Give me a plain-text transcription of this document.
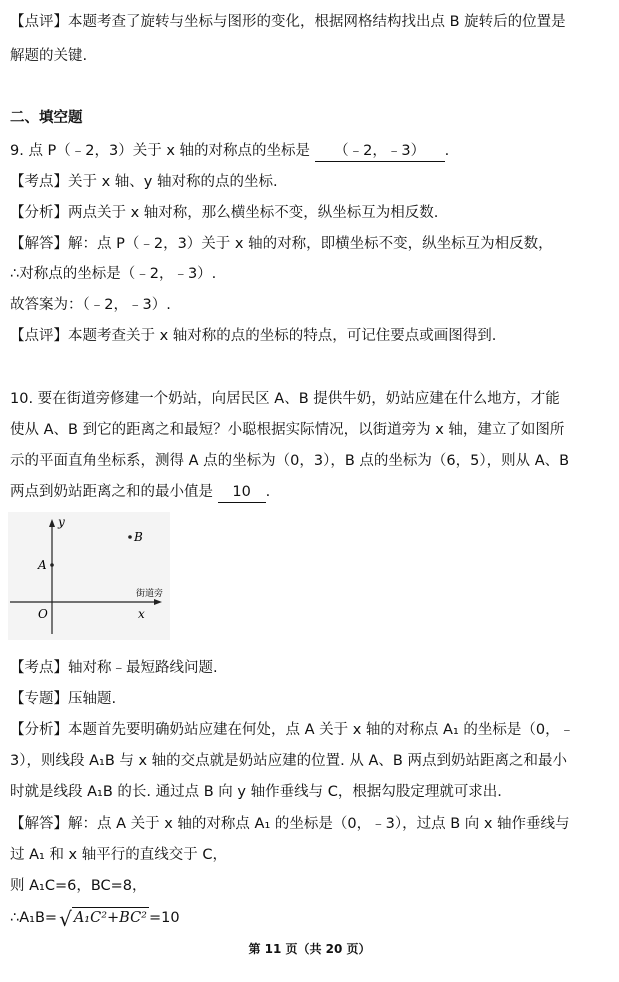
【点评】本题考查了旋转与坐标与图形的变化，根据网格结构找出点 B 旋转后的位置是
解题的关键.
二、填空题
9. 点 P（﹣2，3）关于 x 轴的对称点的坐标是 （﹣2，﹣3） .
【考点】关于 x 轴、y 轴对称的点的坐标.
【分析】两点关于 x 轴对称，那么横坐标不变，纵坐标互为相反数.
【解答】解：点 P（﹣2，3）关于 x 轴的对称，即横坐标不变，纵坐标互为相反数，
∴对称点的坐标是（﹣2，﹣3）.
故答案为：（﹣2，﹣3）.
【点评】本题考查关于 x 轴对称的点的坐标的特点，可记住要点或画图得到.
10. 要在街道旁修建一个奶站，向居民区 A、B 提供牛奶，奶站应建在什么地方，才能
使从 A、B 到它的距离之和最短？小聪根据实际情况，以街道旁为 x 轴，建立了如图所
示的平面直角坐标系，测得 A 点的坐标为（0，3），B 点的坐标为（6，5），则从 A、B
两点到奶站距离之和的最小值是 10 .
y
x
O
A
B
街道旁
【考点】轴对称﹣最短路线问题.
【专题】压轴题.
【分析】本题首先要明确奶站应建在何处，点 A 关于 x 轴的对称点 A₁ 的坐标是（0，﹣
3），则线段 A₁B 与 x 轴的交点就是奶站应建的位置. 从 A、B 两点到奶站距离之和最小
时就是线段 A₁B 的长. 通过点 B 向 y 轴作垂线与 C，根据勾股定理就可求出.
【解答】解：点 A 关于 x 轴的对称点 A₁ 的坐标是（0，﹣3），过点 B 向 x 轴作垂线与
过 A₁ 和 x 轴平行的直线交于 C，
则 A₁C=6，BC=8，
∴A₁B= √ A₁C²+BC² =10
第 11 页（共 20 页）
